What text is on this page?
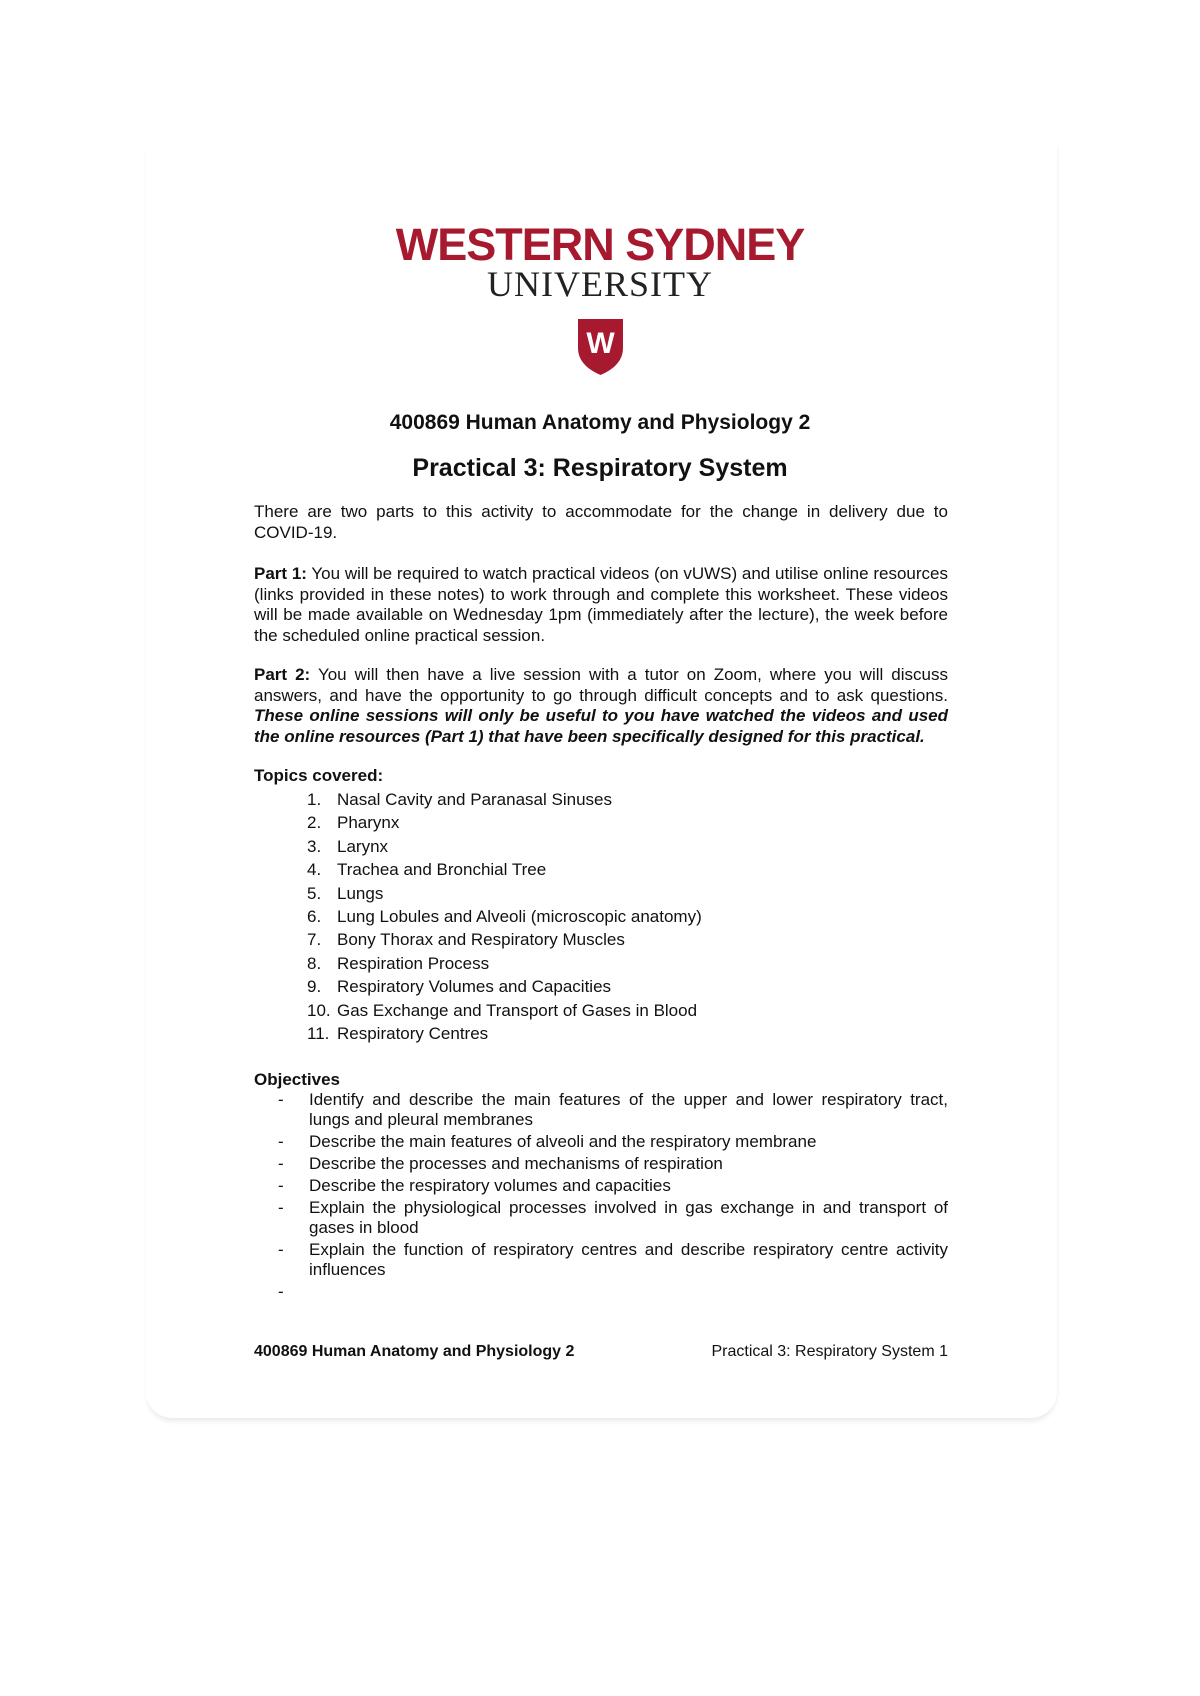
WESTERN SYDNEY
UNIVERSITY
W
400869 Human Anatomy and Physiology 2
Practical 3: Respiratory System

There are two parts to this activity to accommodate for the change in delivery due to COVID-19.

Part 1: You will be required to watch practical videos (on vUWS) and utilise online resources (links provided in these notes) to work through and complete this worksheet. These videos will be made available on Wednesday 1pm (immediately after the lecture), the week before the scheduled online practical session.

Part 2: You will then have a live session with a tutor on Zoom, where you will discuss answers, and have the opportunity to go through difficult concepts and to ask questions. These online sessions will only be useful to you have watched the videos and used the online resources (Part 1) that have been specifically designed for this practical.

Topics covered:

1. Nasal Cavity and Paranasal Sinuses
2. Pharynx
3. Larynx
4. Trachea and Bronchial Tree
5. Lungs
6. Lung Lobules and Alveoli (microscopic anatomy)
7. Bony Thorax and Respiratory Muscles
8. Respiration Process
9. Respiratory Volumes and Capacities
10. Gas Exchange and Transport of Gases in Blood
11. Respiratory Centres

Objectives

-	Identify and describe the main features of the upper and lower respiratory tract, lungs and pleural membranes
-	Describe the main features of alveoli and the respiratory membrane
-	Describe the processes and mechanisms of respiration
-	Describe the respiratory volumes and capacities
-	Explain the physiological processes involved in gas exchange in and transport of gases in blood
-	Explain the function of respiratory centres and describe respiratory centre activity influences
-
400869 Human Anatomy and Physiology 2	Practical 3: Respiratory System 1
